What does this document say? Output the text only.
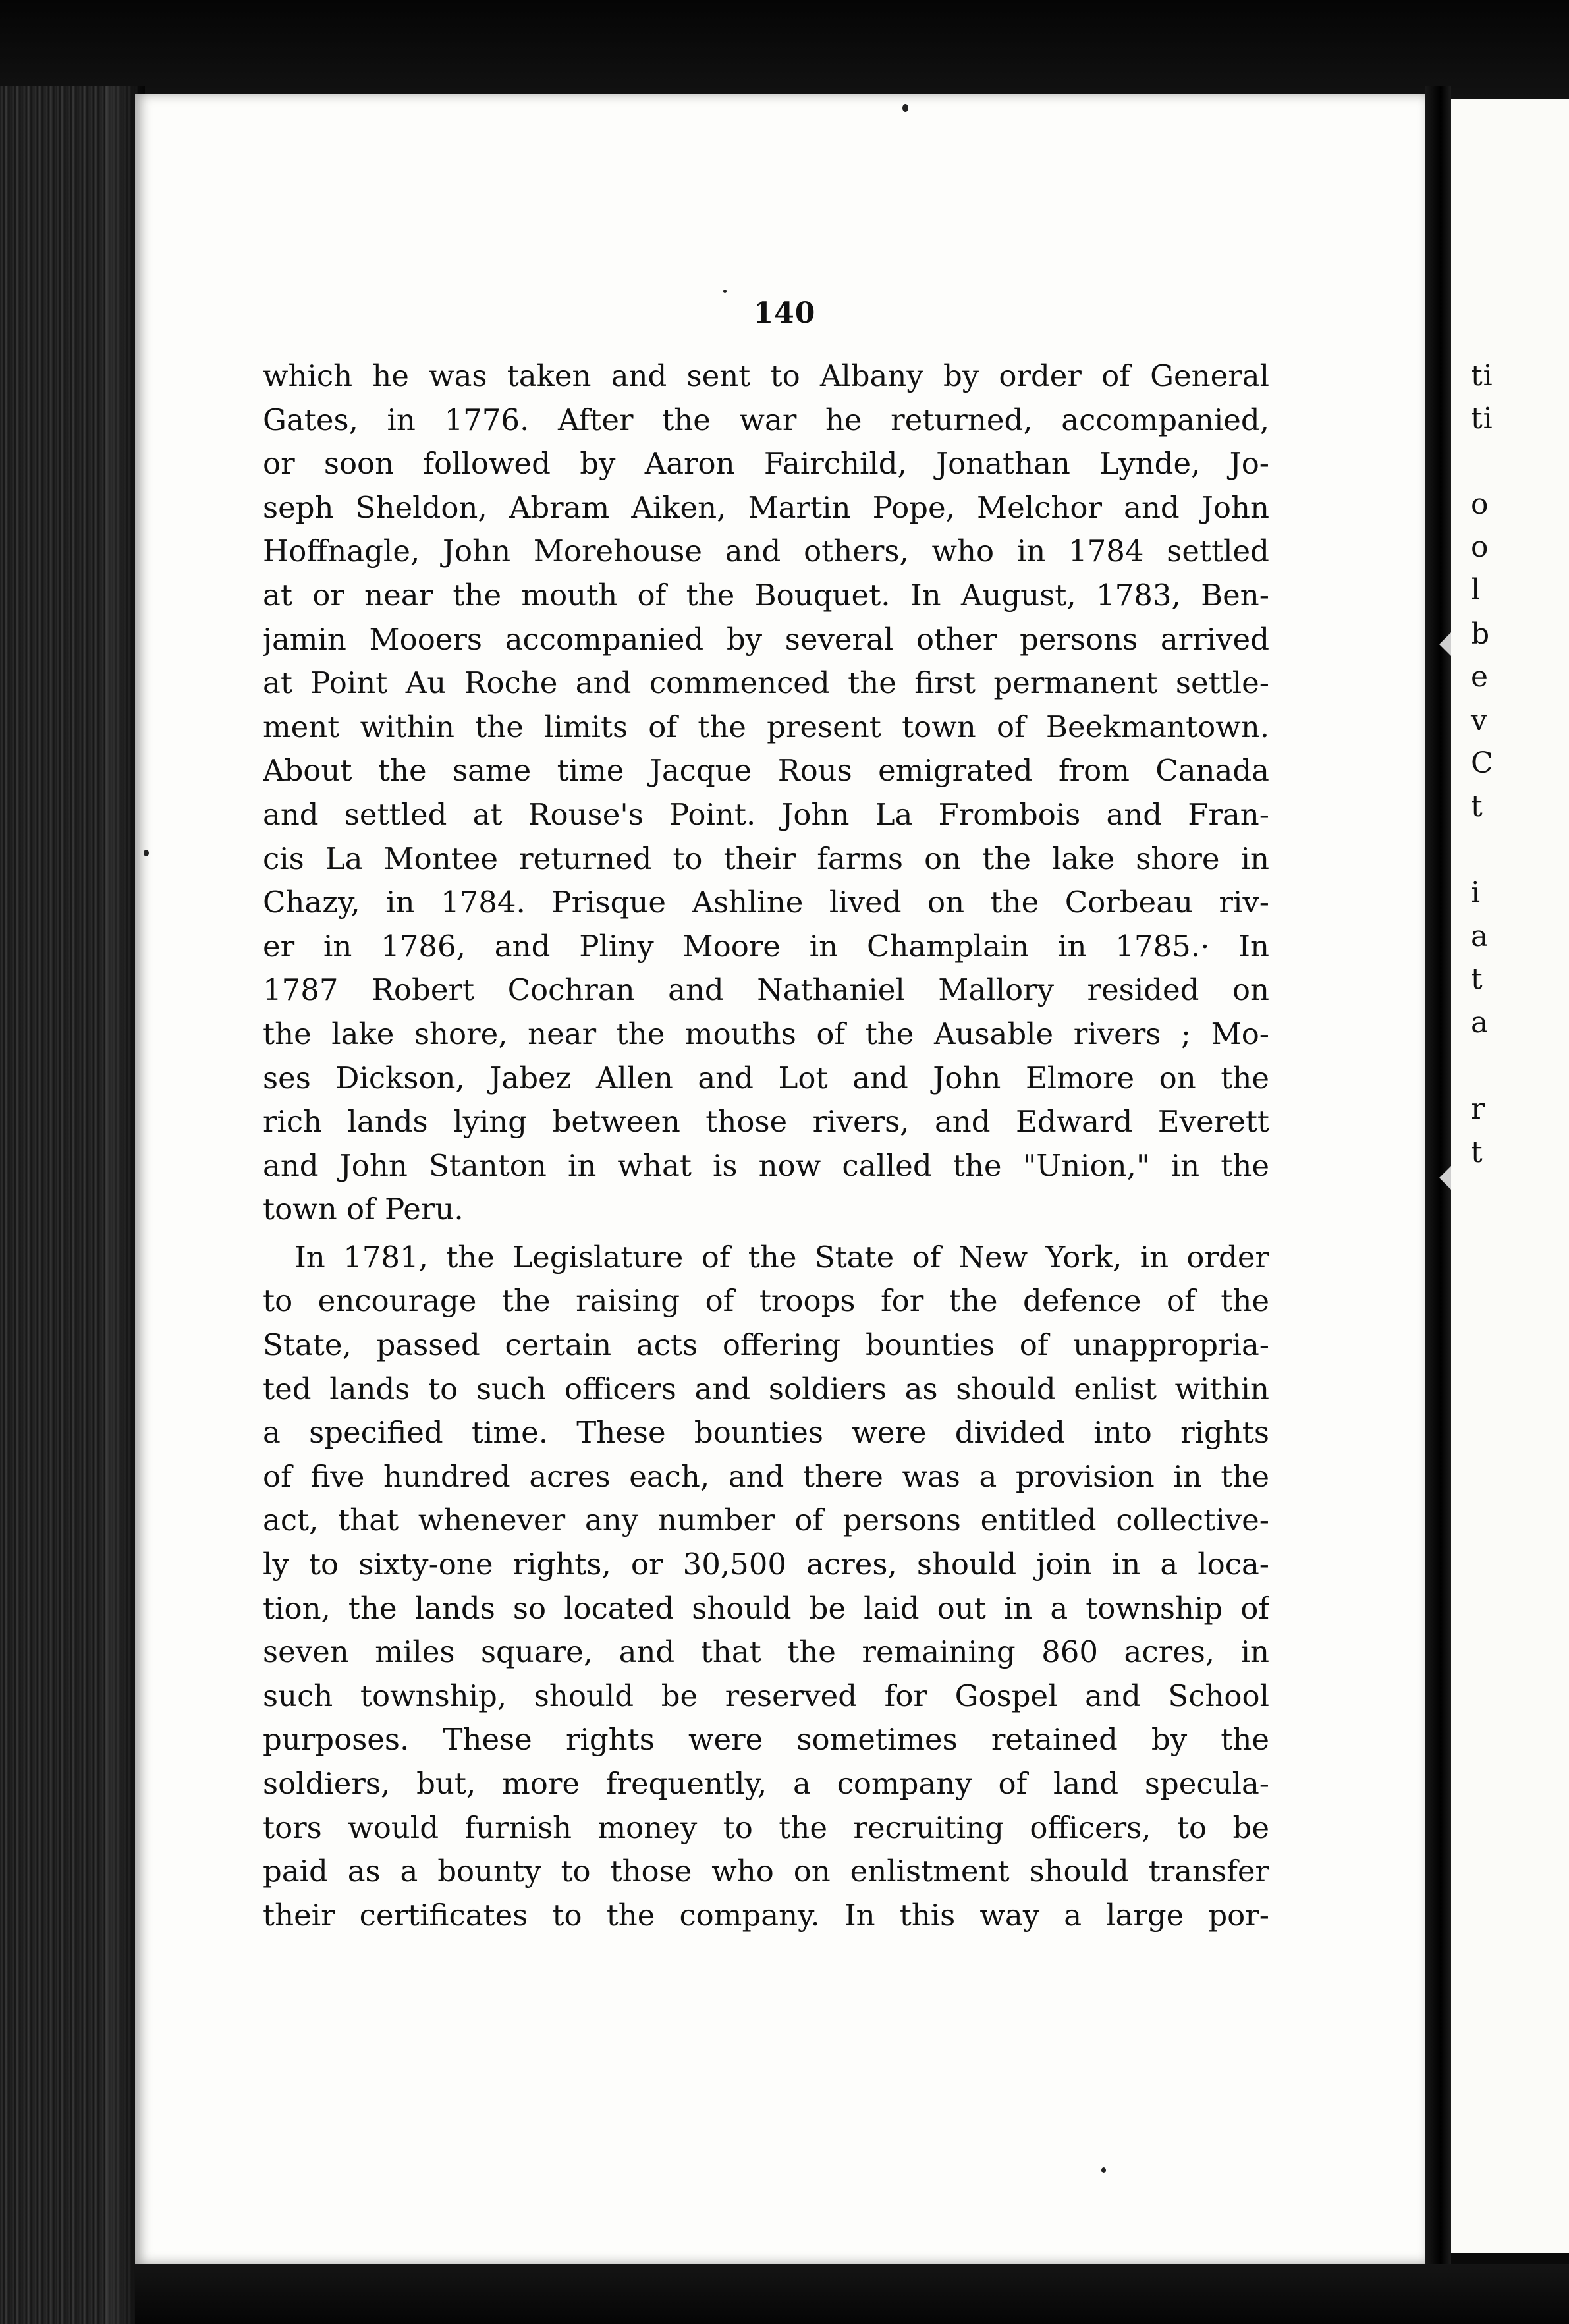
ti
ti
o
o
l
b
e
v
C
t
i
a
t
a
r
t
140
which he was taken and sent to Albany by order of General
Gates, in 1776. After the war he returned, accompanied,
or soon followed by Aaron Fairchild, Jonathan Lynde, Jo-
seph Sheldon, Abram Aiken, Martin Pope, Melchor and John
Hoffnagle, John Morehouse and others, who in 1784 settled
at or near the mouth of the Bouquet. In August, 1783, Ben-
jamin Mooers accompanied by several other persons arrived
at Point Au Roche and commenced the first permanent settle-
ment within the limits of the present town of Beekmantown.
About the same time Jacque Rous emigrated from Canada
and settled at Rouse's Point. John La Frombois and Fran-
cis La Montee returned to their farms on the lake shore in
Chazy, in 1784. Prisque Ashline lived on the Corbeau riv-
er in 1786, and Pliny Moore in Champlain in 1785.· In
1787 Robert Cochran and Nathaniel Mallory resided on
the lake shore, near the mouths of the Ausable rivers ; Mo-
ses Dickson, Jabez Allen and Lot and John Elmore on the
rich lands lying between those rivers, and Edward Everett
and John Stanton in what is now called the "Union," in the
town of Peru.
In 1781, the Legislature of the State of New York, in order
to encourage the raising of troops for the defence of the
State, passed certain acts offering bounties of unappropria-
ted lands to such officers and soldiers as should enlist within
a specified time. These bounties were divided into rights
of five hundred acres each, and there was a provision in the
act, that whenever any number of persons entitled collective-
ly to sixty-one rights, or 30,500 acres, should join in a loca-
tion, the lands so located should be laid out in a township of
seven miles square, and that the remaining 860 acres, in
such township, should be reserved for Gospel and School
purposes. These rights were sometimes retained by the
soldiers, but, more frequently, a company of land specula-
tors would furnish money to the recruiting officers, to be
paid as a bounty to those who on enlistment should transfer
their certificates to the company. In this way a large por-
